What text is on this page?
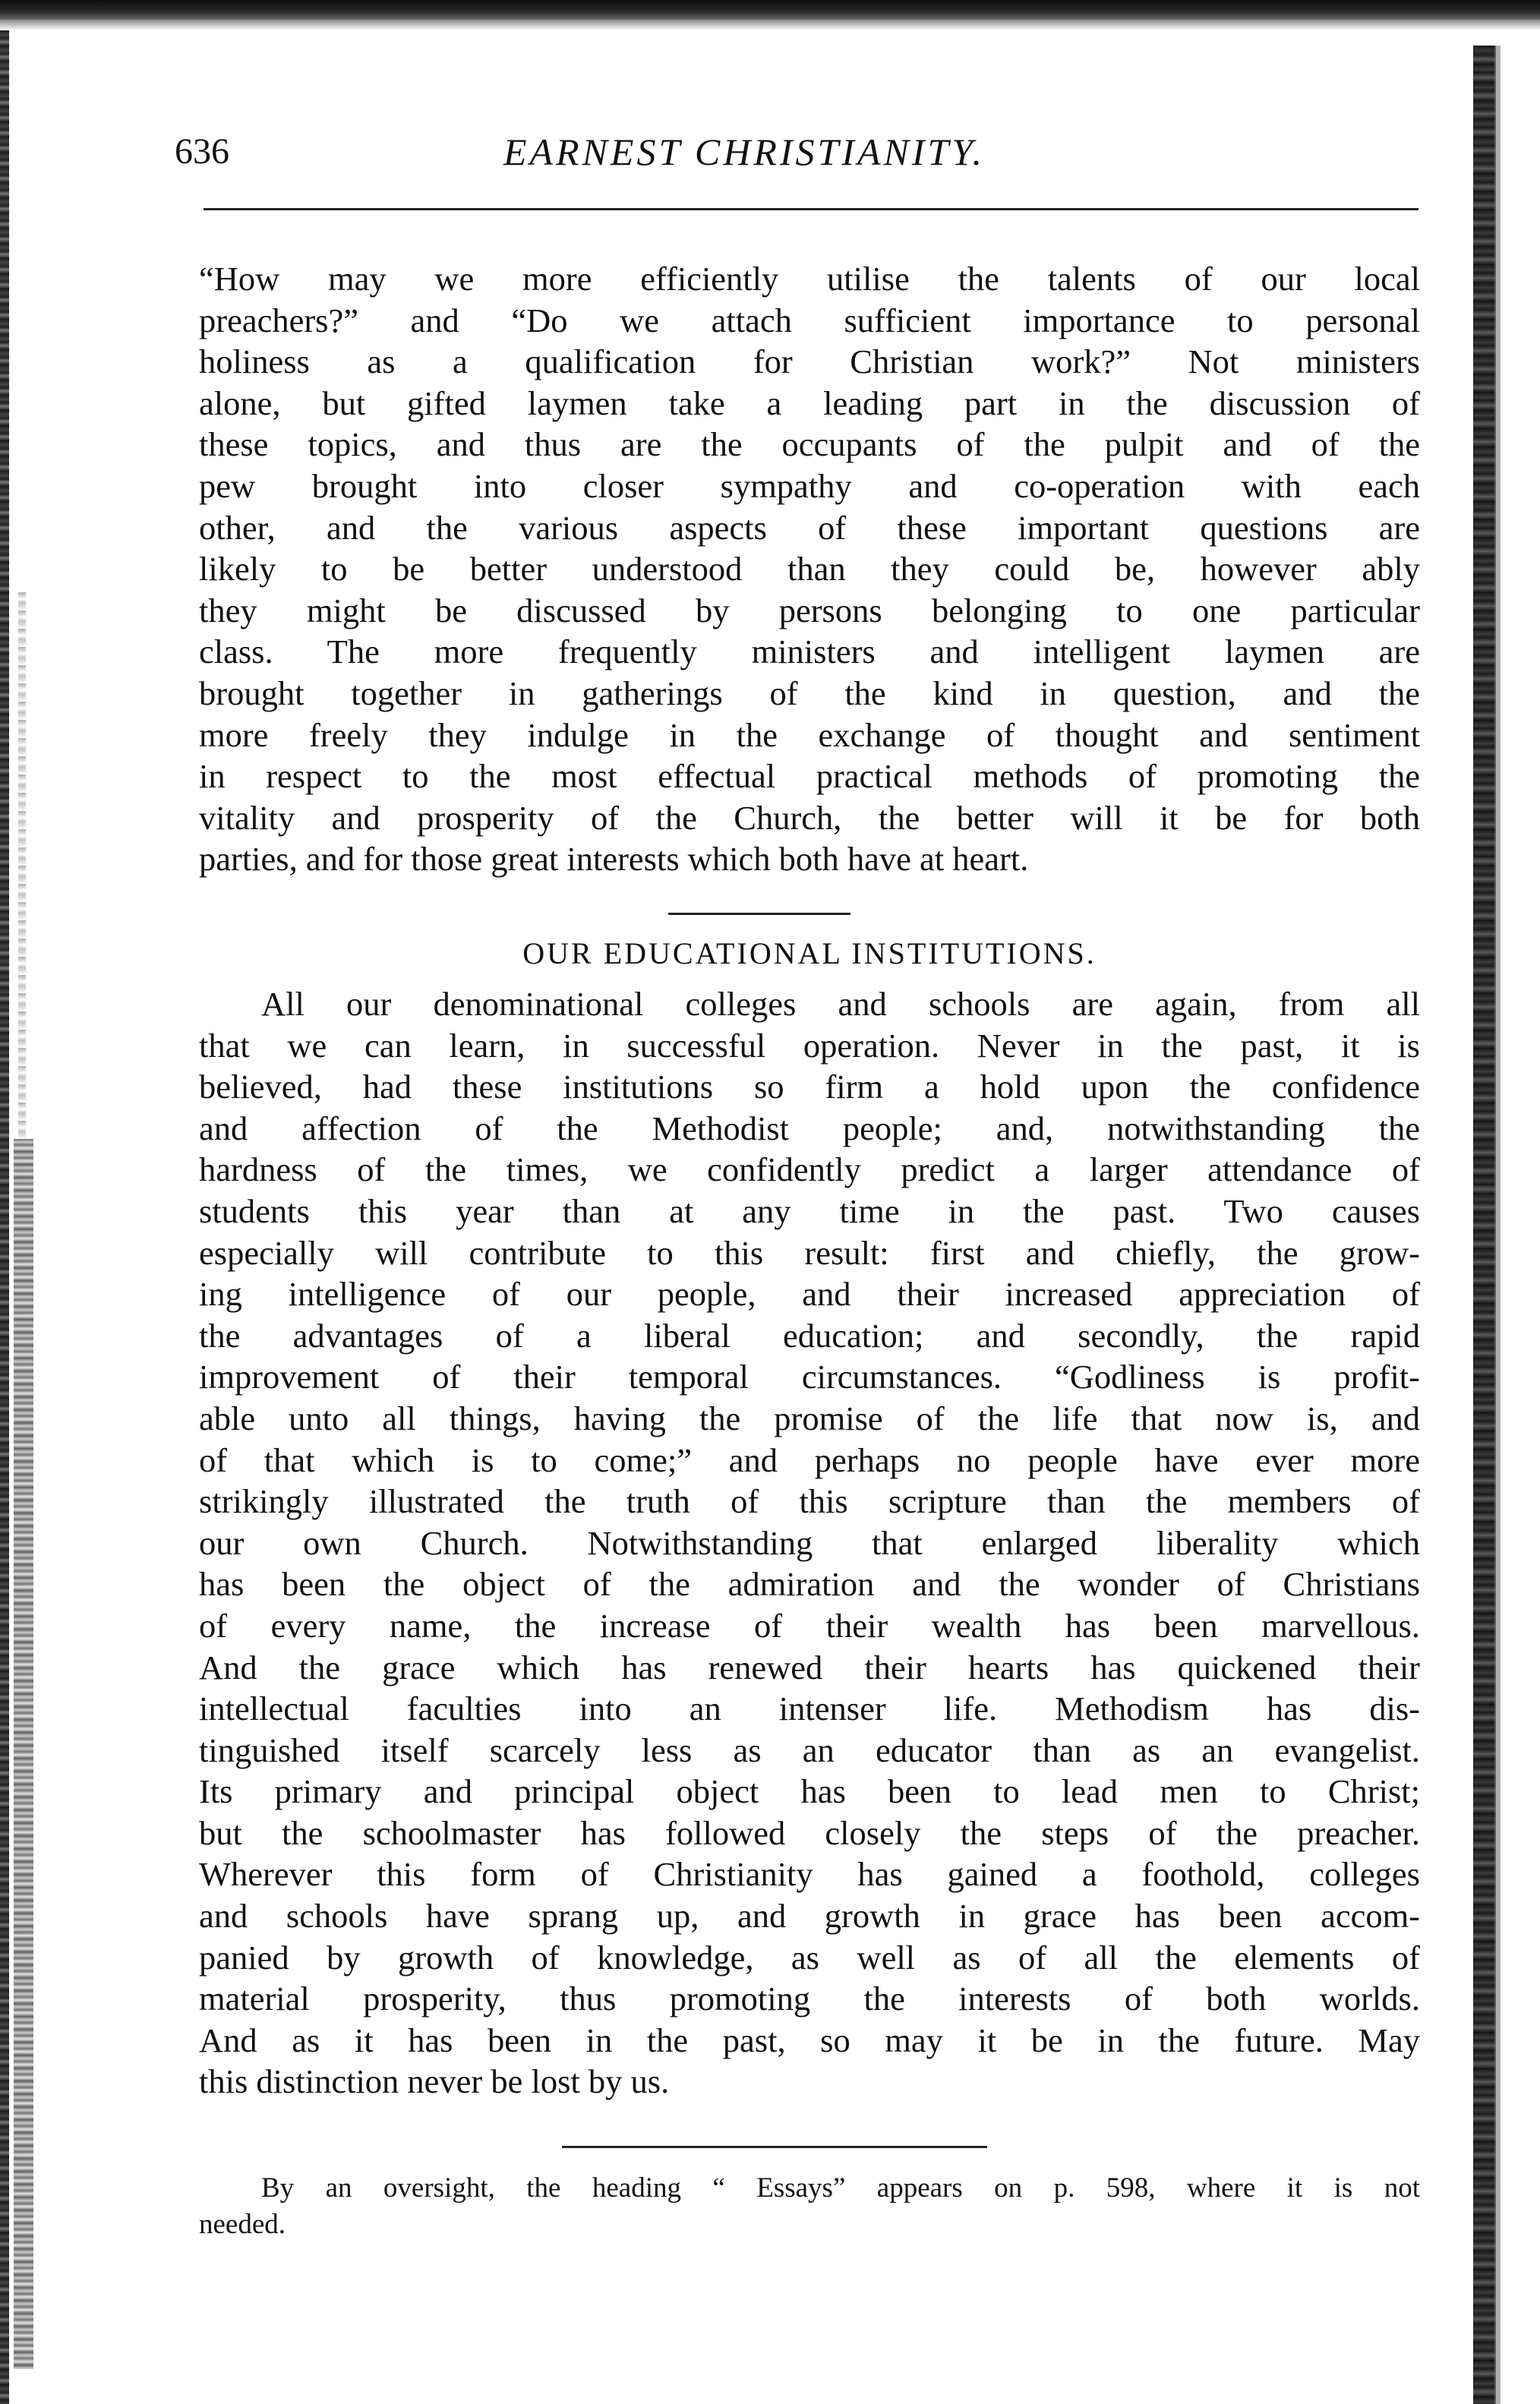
636	EARNEST CHRISTIANITY.
“How may we more efficiently utilise the talents of our local
preachers?” and “Do we attach sufficient importance to personal
holiness as a qualification for Christian work?” Not ministers
alone, but gifted laymen take a leading part in the discussion of
these topics, and thus are the occupants of the pulpit and of the
pew brought into closer sympathy and co-operation with each
other, and the various aspects of these important questions are
likely to be better understood than they could be, however ably
they might be discussed by persons belonging to one particular
class. The more frequently ministers and intelligent laymen are
brought together in gatherings of the kind in question, and the
more freely they indulge in the exchange of thought and sentiment
in respect to the most effectual practical methods of promoting the
vitality and prosperity of the Church, the better will it be for both
parties, and for those great interests which both have at heart.
OUR EDUCATIONAL INSTITUTIONS.
All our denominational colleges and schools are again, from all
that we can learn, in successful operation. Never in the past, it is
believed, had these institutions so firm a hold upon the confidence
and affection of the Methodist people; and, notwithstanding the
hardness of the times, we confidently predict a larger attendance of
students this year than at any time in the past. Two causes
especially will contribute to this result: first and chiefly, the grow-
ing intelligence of our people, and their increased appreciation of
the advantages of a liberal education; and secondly, the rapid
improvement of their temporal circumstances. “Godliness is profit-
able unto all things, having the promise of the life that now is, and
of that which is to come;” and perhaps no people have ever more
strikingly illustrated the truth of this scripture than the members of
our own Church. Notwithstanding that enlarged liberality which
has been the object of the admiration and the wonder of Christians
of every name, the increase of their wealth has been marvellous.
And the grace which has renewed their hearts has quickened their
intellectual faculties into an intenser life. Methodism has dis-
tinguished itself scarcely less as an educator than as an evangelist.
Its primary and principal object has been to lead men to Christ;
but the schoolmaster has followed closely the steps of the preacher.
Wherever this form of Christianity has gained a foothold, colleges
and schools have sprang up, and growth in grace has been accom-
panied by growth of knowledge, as well as of all the elements of
material prosperity, thus promoting the interests of both worlds.
And as it has been in the past, so may it be in the future. May
this distinction never be lost by us.
By an oversight, the heading “ Essays” appears on p. 598, where it is not
needed.
